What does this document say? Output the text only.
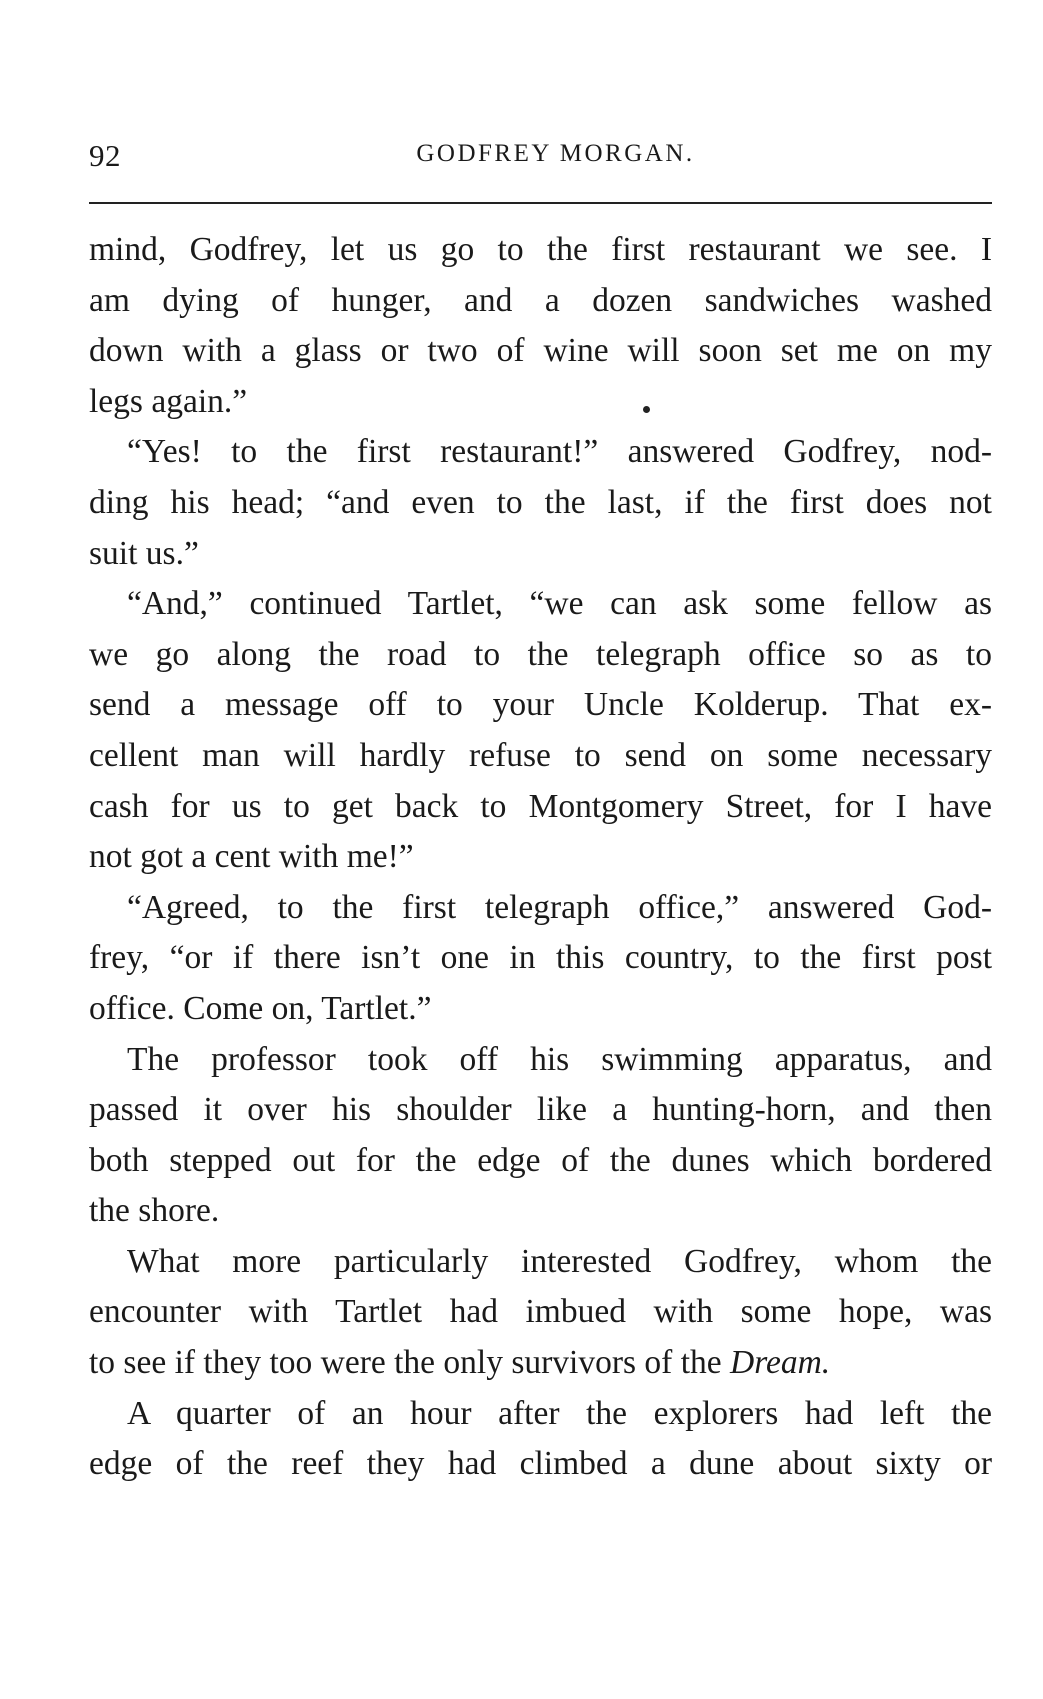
92	GODFREY MORGAN.
mind, Godfrey, let us go to the first restaurant we see. I
am dying of hunger, and a dozen sandwiches washed
down with a glass or two of wine will soon set me on my
legs again.”
“Yes! to the first restaurant!” answered Godfrey, nod-
ding his head; “and even to the last, if the first does not
suit us.”
“And,” continued Tartlet, “we can ask some fellow as
we go along the road to the telegraph office so as to
send a message off to your Uncle Kolderup. That ex-
cellent man will hardly refuse to send on some necessary
cash for us to get back to Montgomery Street, for I have
not got a cent with me!”
“Agreed, to the first telegraph office,” answered God-
frey, “or if there isn’t one in this country, to the first post
office. Come on, Tartlet.”
The professor took off his swimming apparatus, and
passed it over his shoulder like a hunting-horn, and then
both stepped out for the edge of the dunes which bordered
the shore.
What more particularly interested Godfrey, whom the
encounter with Tartlet had imbued with some hope, was
to see if they too were the only survivors of the Dream.
A quarter of an hour after the explorers had left the
edge of the reef they had climbed a dune about sixty or
